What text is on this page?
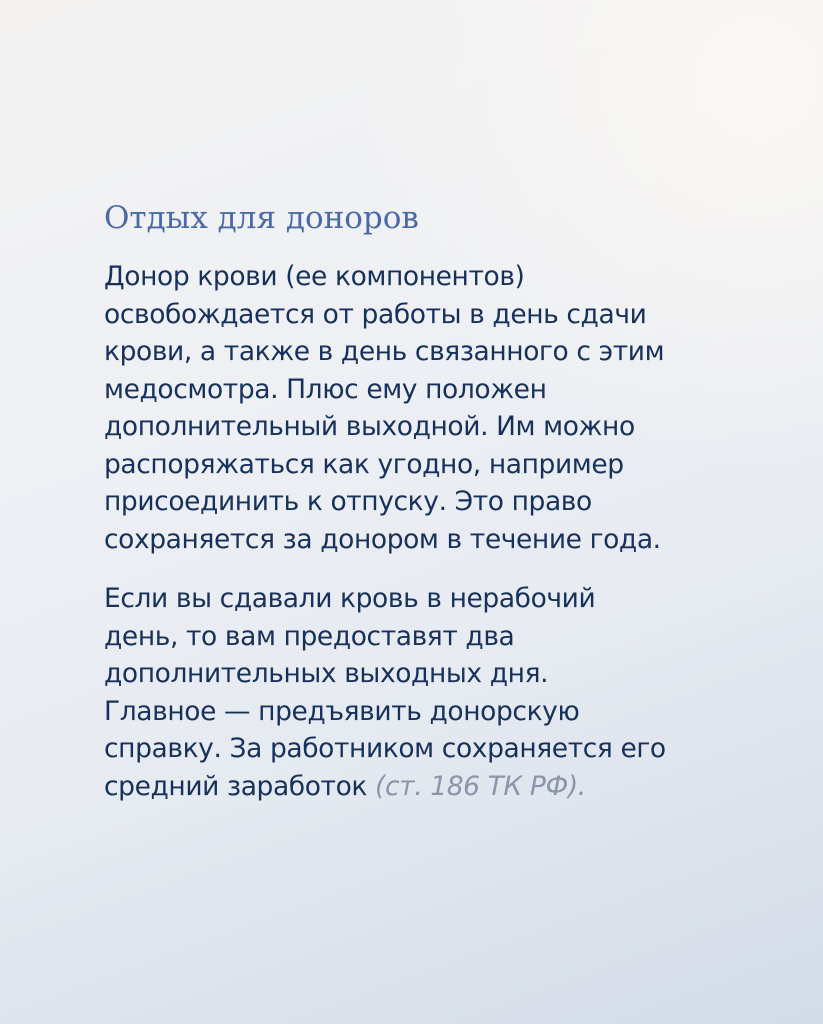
Отдых для доноров

Донор крови (ее компонентов)
освобождается от работы в день сдачи
крови, а также в день связанного с этим
медосмотра. Плюс ему положен
дополнительный выходной. Им можно
распоряжаться как угодно, например
присоединить к отпуску. Это право
сохраняется за донором в течение года.

Если вы сдавали кровь в нерабочий
день, то вам предоставят два
дополнительных выходных дня.
Главное — предъявить донорскую
справку. За работником сохраняется его
средний заработок (ст. 186 ТК РФ).
